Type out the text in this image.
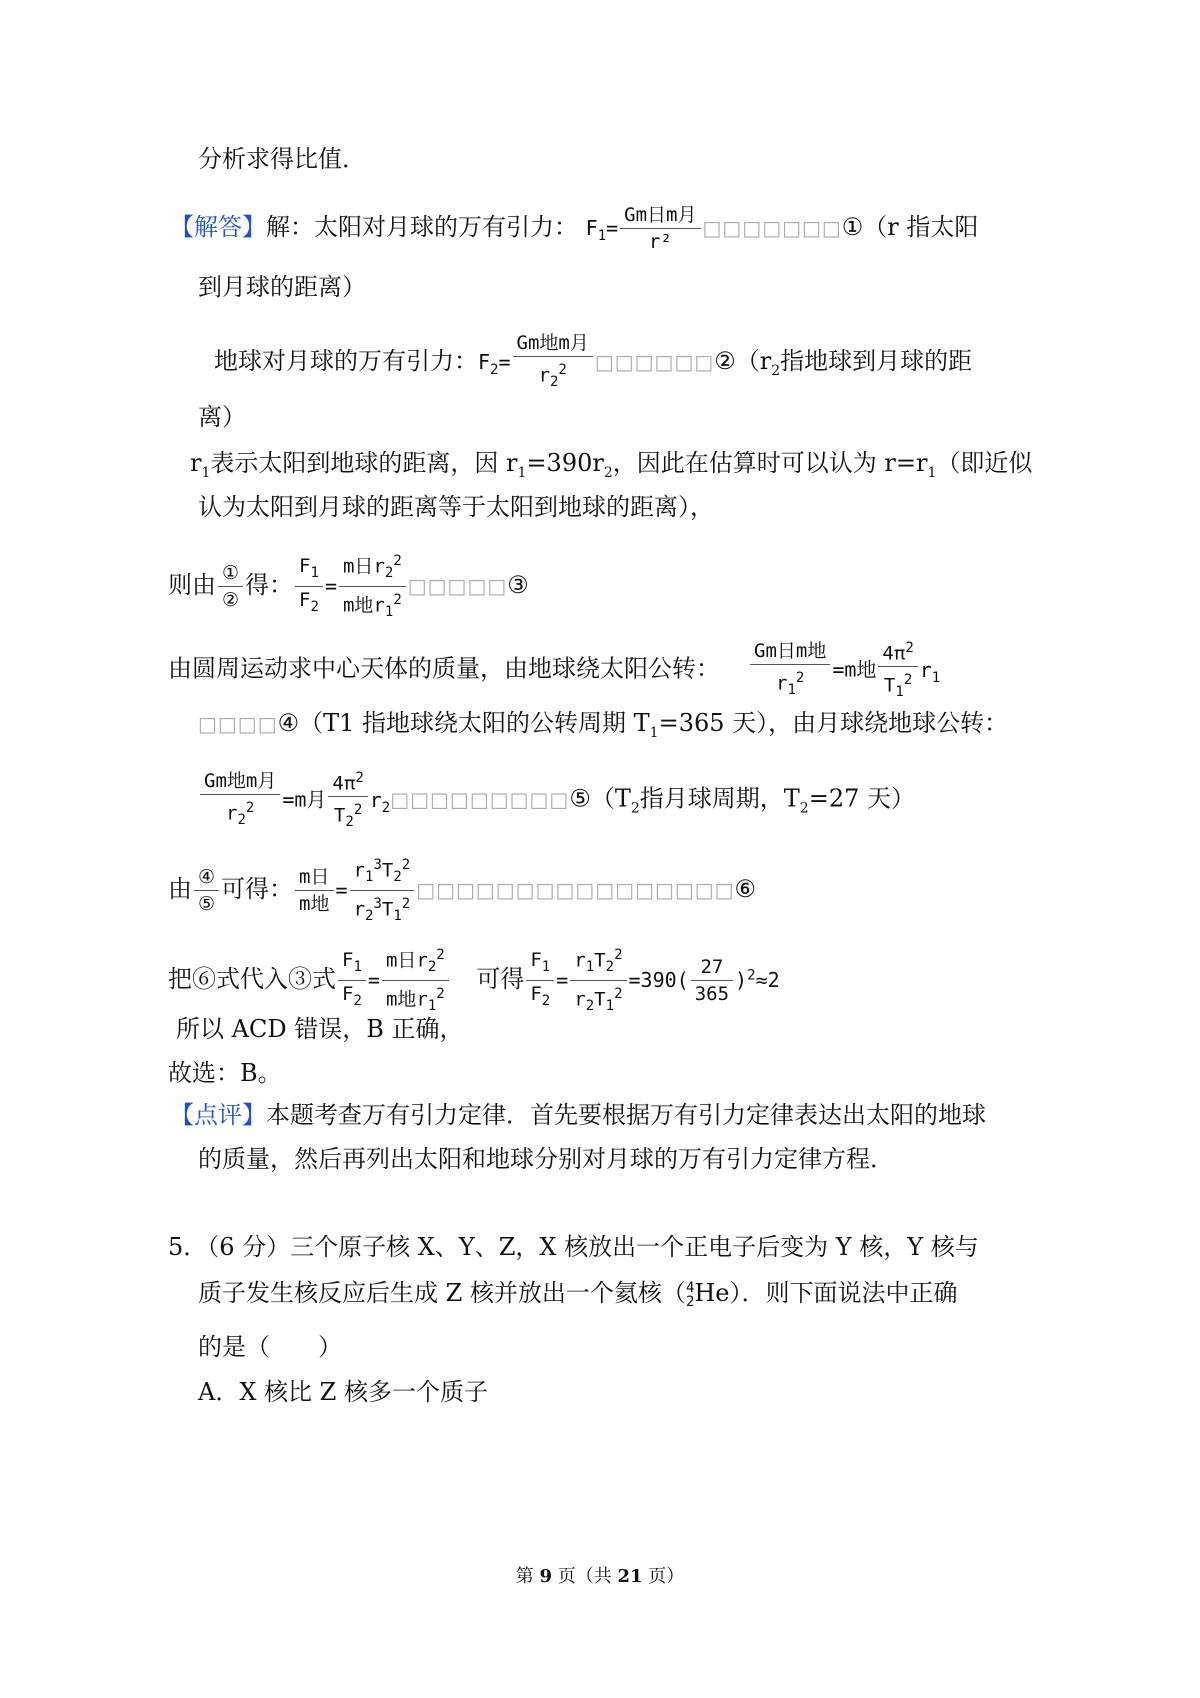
分析求得比值．
【解答】解：太阳对月球的万有引力： $F_1= \frac{\text{Gm日m月}}{\text{r²}}$ □□□□□□□①（r 指太阳
到月球的距离）
地球对月球的万有引力：$F_2= \frac{\text{Gm地m月}}{r_2^2}$ $□□□□□□②(r_2$指地球到月球的距
离）
$r_1$表示太阳到地球的距离，因 $r_1=390r_2$，因此在估算时可以认为 $r=r_1$（即近似
认为太阳到月球的距离等于太阳到地球的距离），
则由 $\frac{\text{①}}{\text{②}}$ 得： $\frac{F_1}{F_2} = \frac{m日r_2^2}{m地r_1^2}$ □□□□□③
由圆周运动求中心天体的质量，由地球绕太阳公转： $\frac{\text{Gm日m地}}{r_1^2} =m$地 $\frac{4\pi^2}{T_1^2} r_1$
□□□□④（T1 指地球绕太阳的公转周期 $T_1=365$ 天），由月球绕地球公转：
$\frac{\text{Gm地m月}}{r_2^2} =m$月 $\frac{4\pi^2}{T_2^2}$ $r_2□□□□□□□□□⑤(T_2$指月球周期，$T_2=27$ 天）
由 $\frac{\text{④}}{\text{⑤}}$ 可得： $\frac{\text{m日}}{\text{m地}} = \frac{r_1^3T_2^2}{r_2^3T_1^2}$ □□□□□□□□□□□□□□□□⑥
把⑥式代入③式 $\frac{F_1}{F_2} = \frac{m日r_2^2}{m地r_1^2}$ 可得 $\frac{F_1}{F_2} = \frac{r_1T_2^2}{r_2T_1^2} =390( \frac{27}{365} )^2\approx 2$
所以 ACD 错误，B 正确，
故选：B。
【点评】本题考查万有引力定律．首先要根据万有引力定律表达出太阳的地球
的质量，然后再列出太阳和地球分别对月球的万有引力定律方程．
5．（6 分）三个原子核 X、Y、Z，X 核放出一个正电子后变为 Y 核，Y 核与
质子发生核反应后生成 Z 核并放出一个氦核（ 4
2 He）．则下面说法中正确
的是（　　）
A．X 核比 Z 核多一个质子
第 9 页（共 21 页）
